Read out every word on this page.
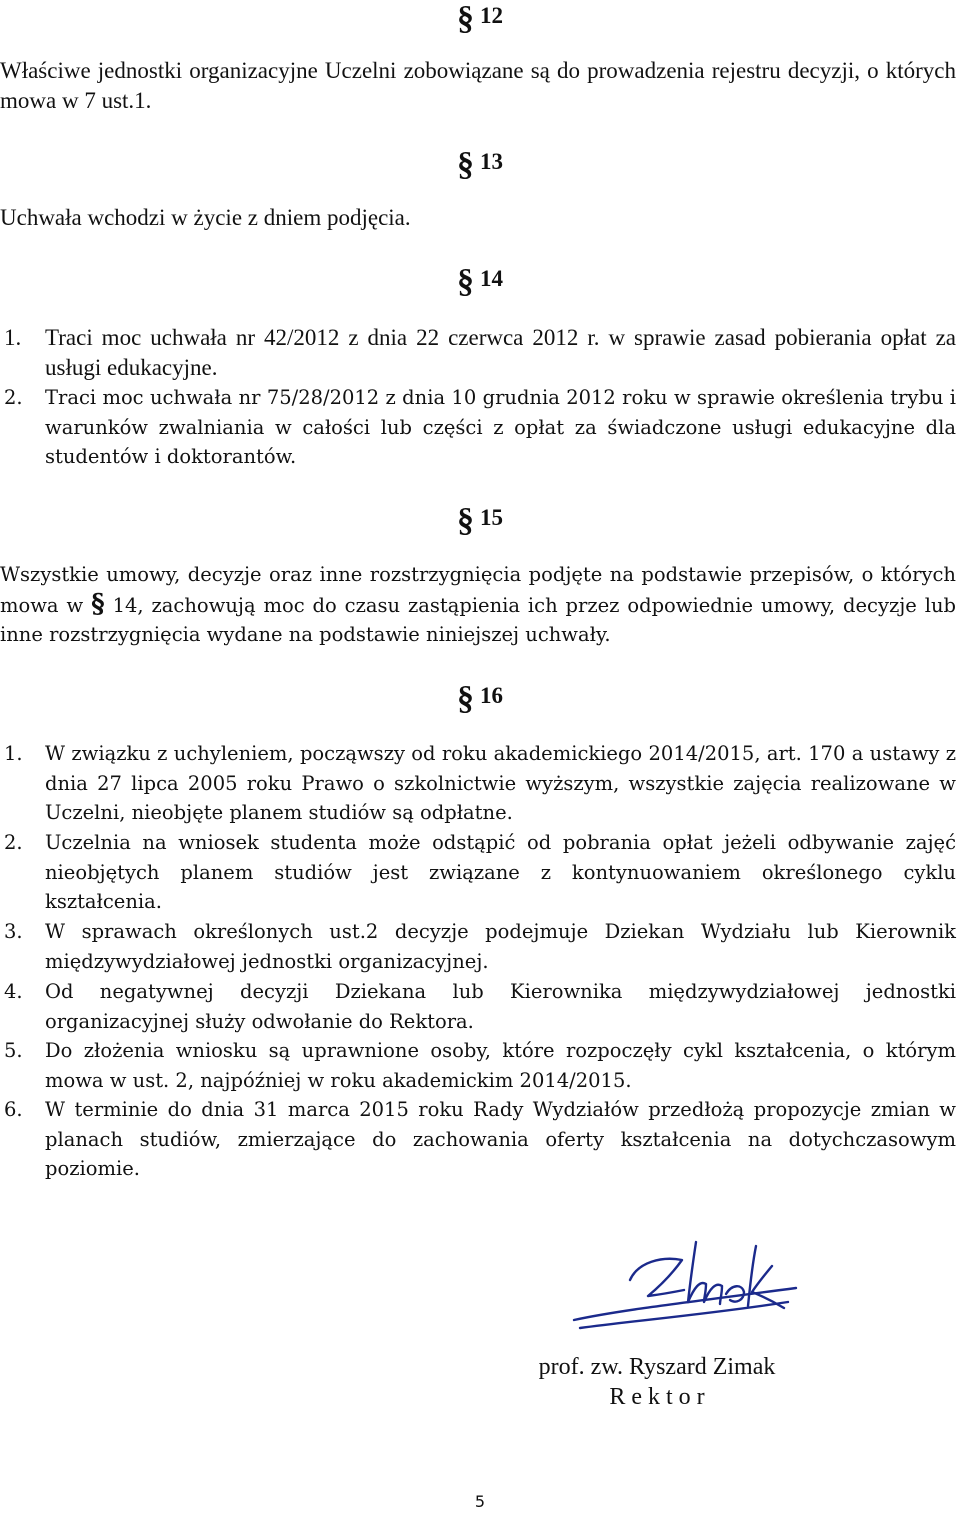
§ 12

Właściwe jednostki organizacyjne Uczelni zobowiązane są do prowadzenia rejestru decyzji, o których mowa w 7 ust.1.

§ 13

Uchwała wchodzi w życie z dniem podjęcia.

§ 14
1. Traci moc uchwała nr 42/2012 z dnia 22 czerwca 2012 r. w sprawie zasad pobierania opłat za usługi edukacyjne.
2. Traci moc uchwała nr 75/28/2012 z dnia 10 grudnia 2012 roku w sprawie określenia trybu i warunków zwalniania w całości lub części z opłat za świadczone usługi edukacyjne dla studentów i doktorantów.
§ 15

Wszystkie umowy, decyzje oraz inne rozstrzygnięcia podjęte na podstawie przepisów, o których mowa w § 14, zachowują moc do czasu zastąpienia ich przez odpowiednie umowy, decyzje lub inne rozstrzygnięcia wydane na podstawie niniejszej uchwały.

§ 16
1. W związku z uchyleniem, począwszy od roku akademickiego 2014/2015, art. 170 a ustawy z dnia 27 lipca 2005 roku Prawo o szkolnictwie wyższym, wszystkie zajęcia realizowane w Uczelni, nieobjęte planem studiów są odpłatne.
2. Uczelnia na wniosek studenta może odstąpić od pobrania opłat jeżeli odbywanie zajęć nieobjętych planem studiów jest związane z kontynuowaniem określonego cyklu kształcenia.
3. W sprawach określonych ust.2 decyzje podejmuje Dziekan Wydziału lub Kierownik międzywydziałowej jednostki organizacyjnej.
4. Od negatywnej decyzji Dziekana lub Kierownika międzywydziałowej jednostki organizacyjnej służy odwołanie do Rektora.
5. Do złożenia wniosku są uprawnione osoby, które rozpoczęły cykl kształcenia, o którym mowa w ust. 2, najpóźniej w roku akademickim 2014/2015.
6. W terminie do dnia 31 marca 2015 roku Rady Wydziałów przedłożą propozycje zmian w planach studiów, zmierzające do zachowania oferty kształcenia na dotychczasowym poziomie.
prof. zw. Ryszard Zimak
R e k t o r
5
